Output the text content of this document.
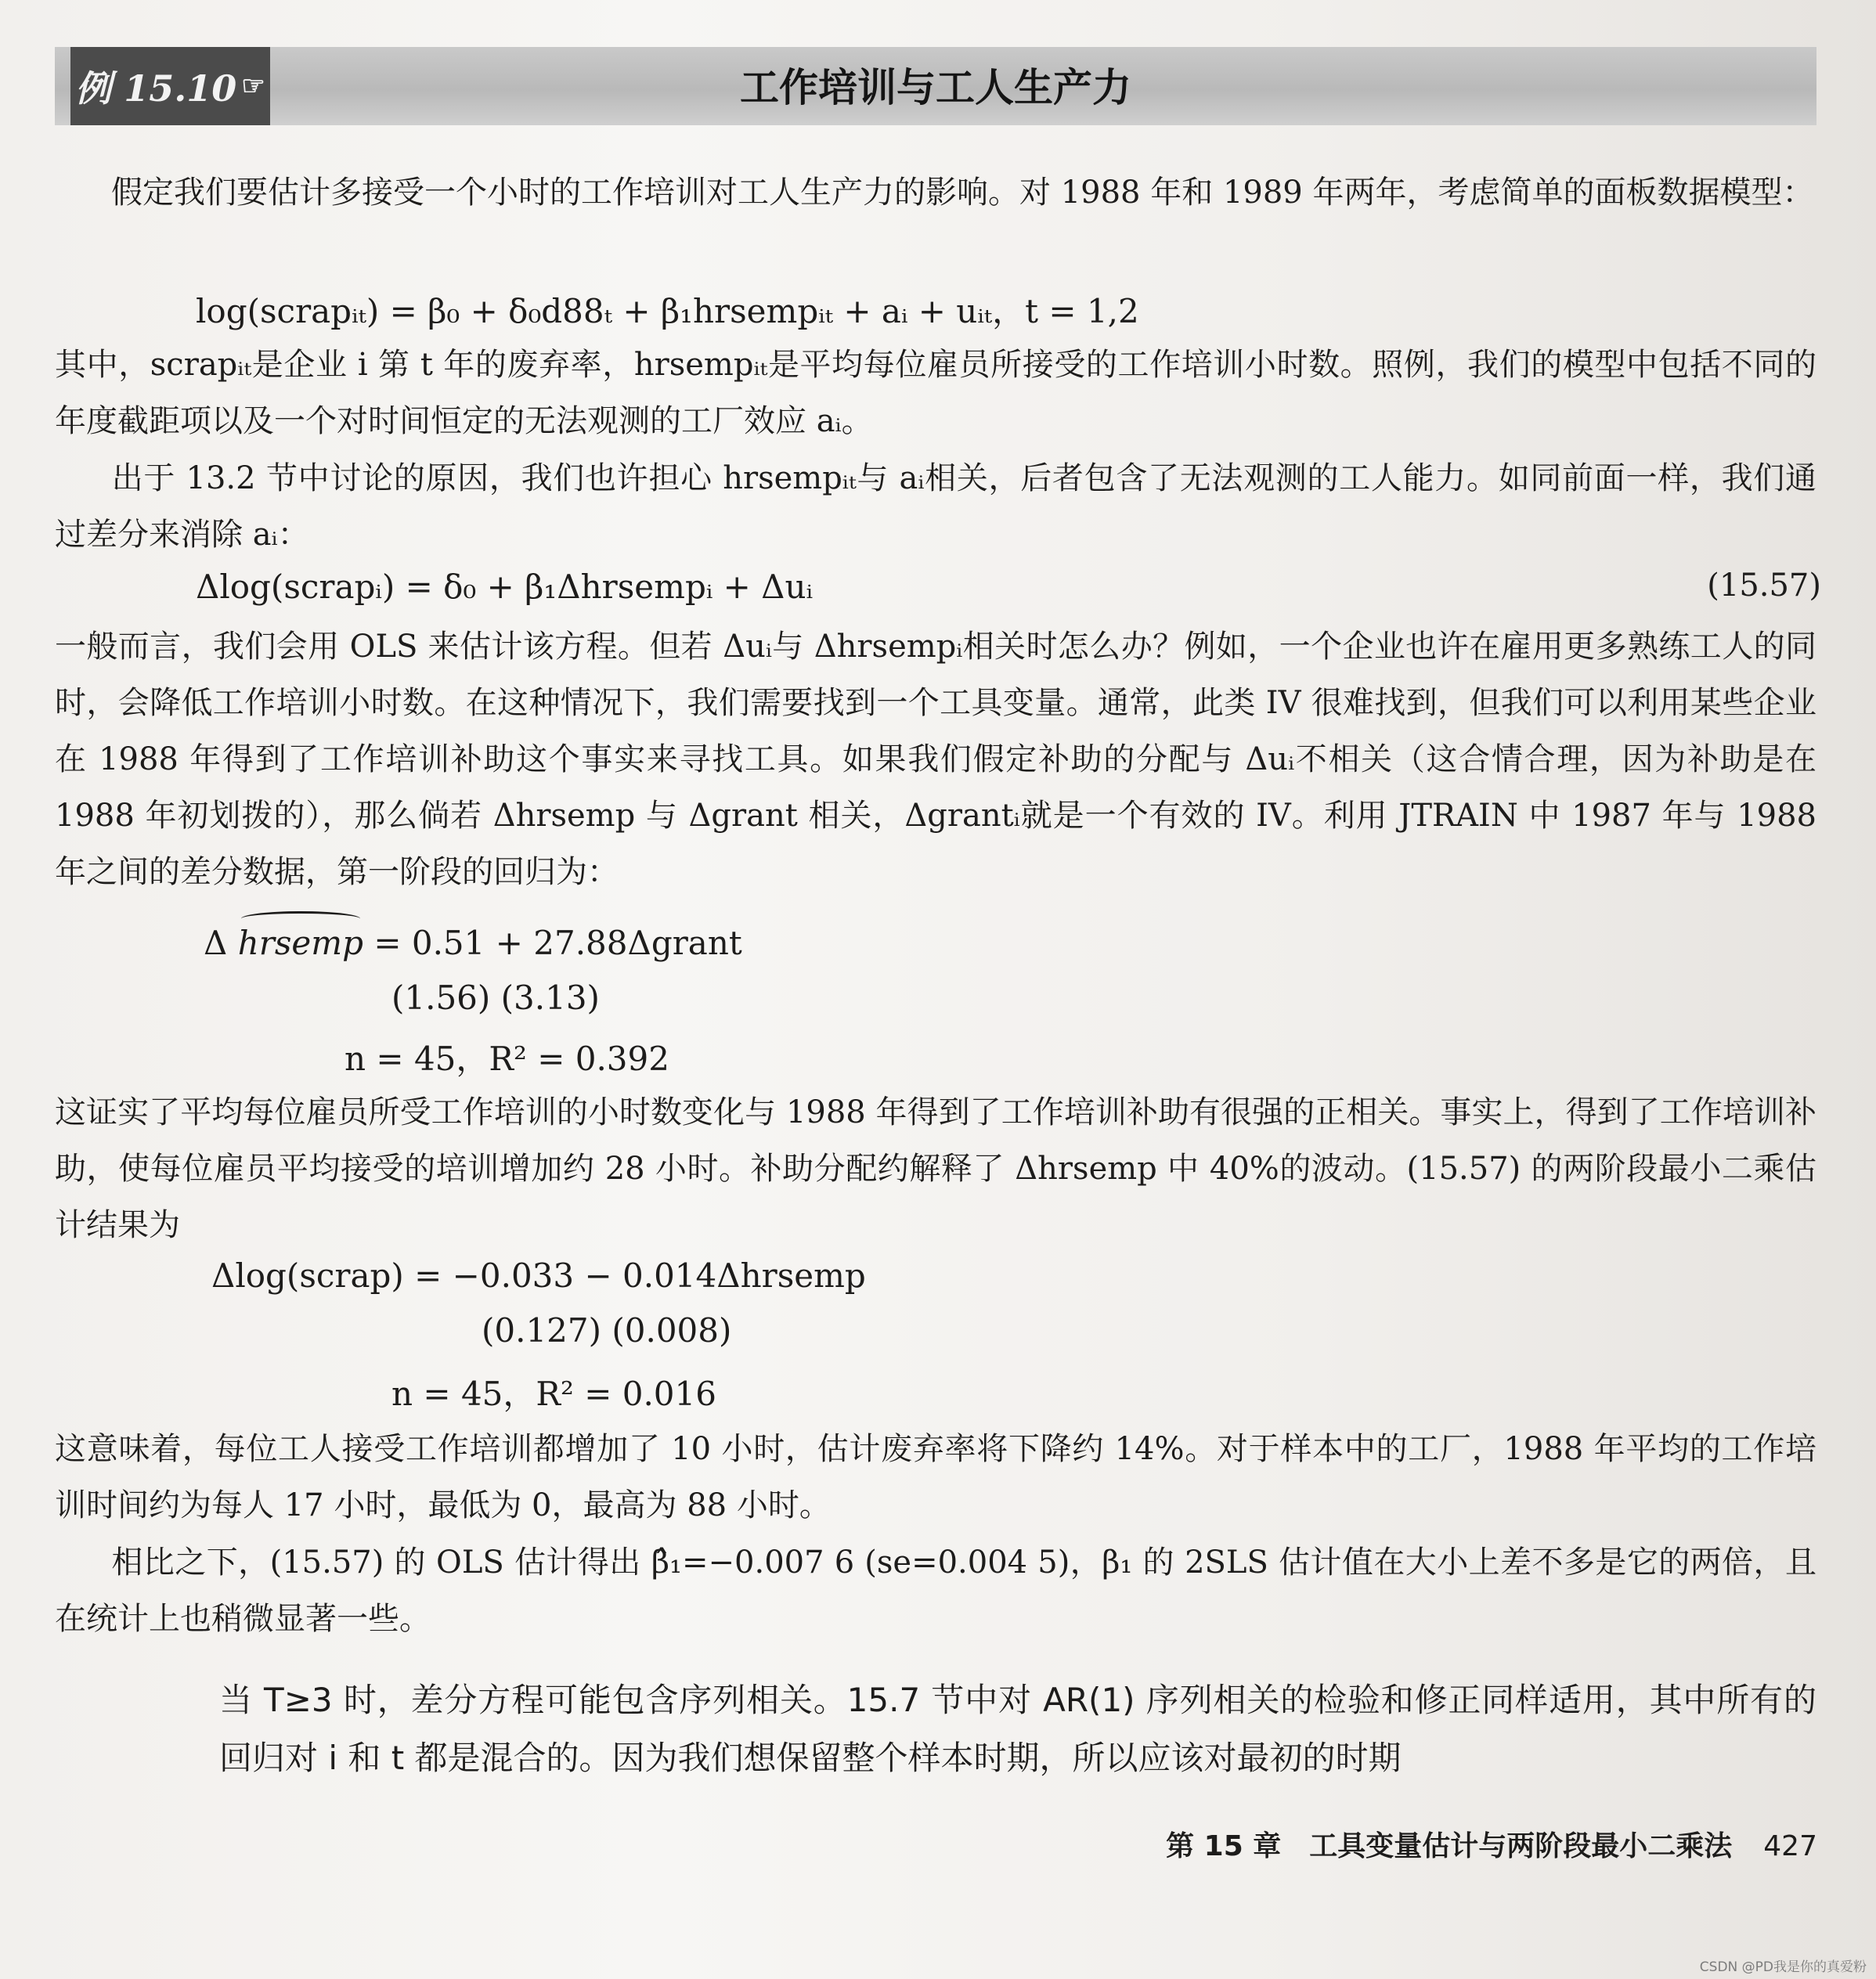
例 15.10 ☞	工作培训与工人生产力
假定我们要估计多接受一个小时的工作培训对工人生产力的影响。对 1988 年和 1989 年两年，考虑简单的面板数据模型：
log(scrapᵢₜ) = β₀ + δ₀d88ₜ + β₁hrsempᵢₜ + aᵢ + uᵢₜ，t = 1,2
其中，scrapᵢₜ是企业 i 第 t 年的废弃率，hrsempᵢₜ是平均每位雇员所接受的工作培训小时数。照例，我们的模型中包括不同的年度截距项以及一个对时间恒定的无法观测的工厂效应 aᵢ。
出于 13.2 节中讨论的原因，我们也许担心 hrsempᵢₜ与 aᵢ相关，后者包含了无法观测的工人能力。如同前面一样，我们通过差分来消除 aᵢ：
Δlog(scrapᵢ) = δ₀ + β₁Δhrsempᵢ + Δuᵢ	(15.57)
一般而言，我们会用 OLS 来估计该方程。但若 Δuᵢ与 Δhrsempᵢ相关时怎么办？例如，一个企业也许在雇用更多熟练工人的同时，会降低工作培训小时数。在这种情况下，我们需要找到一个工具变量。通常，此类 IV 很难找到，但我们可以利用某些企业在 1988 年得到了工作培训补助这个事实来寻找工具。如果我们假定补助的分配与 Δuᵢ不相关（这合情合理，因为补助是在 1988 年初划拨的），那么倘若 Δhrsemp 与 Δgrant 相关，Δgrantᵢ就是一个有效的 IV。利用 JTRAIN 中 1987 年与 1988 年之间的差分数据，第一阶段的回归为：
Δ hrsemp = 0.51 + 27.88Δgrant
(1.56) (3.13)
n = 45，R² = 0.392
这证实了平均每位雇员所受工作培训的小时数变化与 1988 年得到了工作培训补助有很强的正相关。事实上，得到了工作培训补助，使每位雇员平均接受的培训增加约 28 小时。补助分配约解释了 Δhrsemp 中 40%的波动。(15.57) 的两阶段最小二乘估计结果为
Δlog(scrap) = −0.033 − 0.014Δhrsemp
(0.127) (0.008)
n = 45，R² = 0.016
这意味着，每位工人接受工作培训都增加了 10 小时，估计废弃率将下降约 14%。对于样本中的工厂，1988 年平均的工作培训时间约为每人 17 小时，最低为 0，最高为 88 小时。
相比之下，(15.57) 的 OLS 估计得出 β̂₁=−0.007 6 (se=0.004 5)，β₁ 的 2SLS 估计值在大小上差不多是它的两倍，且在统计上也稍微显著一些。
当 T≥3 时，差分方程可能包含序列相关。15.7 节中对 AR(1) 序列相关的检验和修正同样适用，其中所有的回归对 i 和 t 都是混合的。因为我们想保留整个样本时期，所以应该对最初的时期
第 15 章　工具变量估计与两阶段最小二乘法 427
CSDN @PD我是你的真爱粉
